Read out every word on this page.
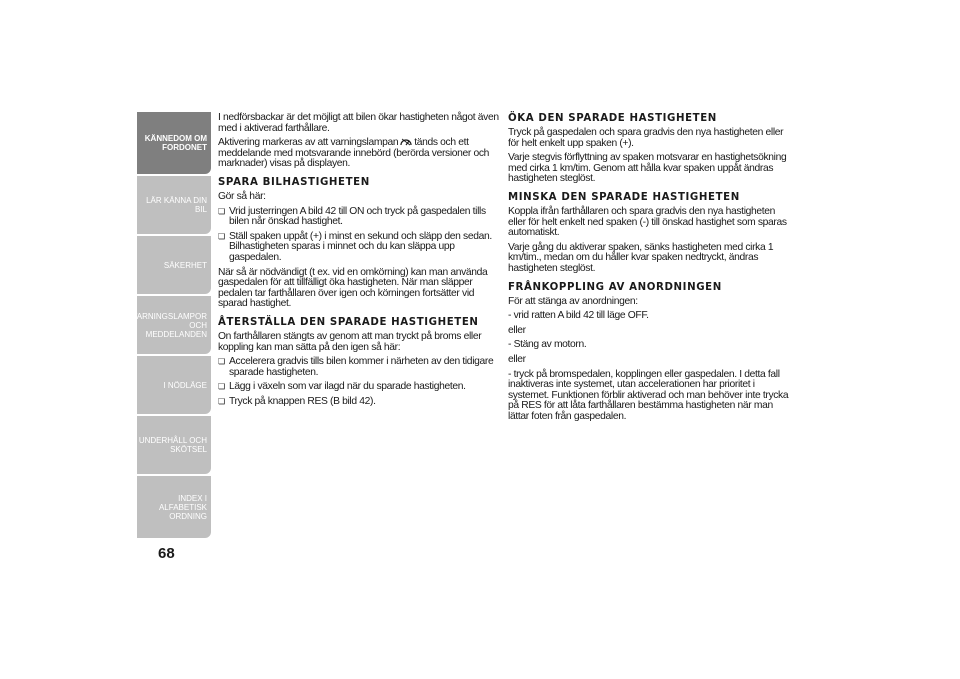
KÄNNEDOM OM FORDONET
LÄR KÄNNA DIN BIL
SÄKERHET
VARNINGSLAMPOR OCH MEDDELANDEN
I NÖDLÄGE
UNDERHÅLL OCH SKÖTSEL
INDEX I ALFABETISK ORDNING
68

I nedförsbackar är det möjligt att bilen ökar hastigheten något även med i aktiverad farthållare.

Aktivering markeras av att varningslampan tänds och ett meddelande med motsvarande innebörd (berörda versioner och marknader) visas på displayen.

SPARA BILHASTIGHETEN

Gör så här:

❏ Vrid justerringen A bild 42 till ON och tryck på gaspedalen tills bilen når önskad hastighet.

❏ Ställ spaken uppåt (+) i minst en sekund och släpp den sedan. Bilhastigheten sparas i minnet och du kan släppa upp gaspedalen.

När så är nödvändigt (t ex. vid en omkörning) kan man använda gaspedalen för att tillfälligt öka hastigheten. När man släpper pedalen tar farthållaren över igen och körningen fortsätter vid sparad hastighet.

ÅTERSTÄLLA DEN SPARADE HASTIGHETEN

On farthållaren stängts av genom att man tryckt på broms eller koppling kan man sätta på den igen så här:

❏ Accelerera gradvis tills bilen kommer i närheten av den tidigare sparade hastigheten.

❏ Lägg i växeln som var ilagd när du sparade hastigheten.

❏ Tryck på knappen RES (B bild 42).

ÖKA DEN SPARADE HASTIGHETEN

Tryck på gaspedalen och spara gradvis den nya hastigheten eller för helt enkelt upp spaken (+).

Varje stegvis förflyttning av spaken motsvarar en hastighetsökning med cirka 1 km/tim. Genom att hålla kvar spaken uppåt ändras hastigheten steglöst.

MINSKA DEN SPARADE HASTIGHETEN

Koppla ifrån farthållaren och spara gradvis den nya hastigheten eller för helt enkelt ned spaken (-) till önskad hastighet som sparas automatiskt.

Varje gång du aktiverar spaken, sänks hastigheten med cirka 1 km/tim., medan om du håller kvar spaken nedtryckt, ändras hastigheten steglöst.

FRÅNKOPPLING AV ANORDNINGEN

För att stänga av anordningen:

- vrid ratten A bild 42 till läge OFF.

eller

- Stäng av motorn.

eller

- tryck på bromspedalen, kopplingen eller gaspedalen. I detta fall inaktiveras inte systemet, utan accelerationen har prioritet i systemet. Funktionen förblir aktiverad och man behöver inte trycka på RES för att låta farthållaren bestämma hastigheten när man lättar foten från gaspedalen.
